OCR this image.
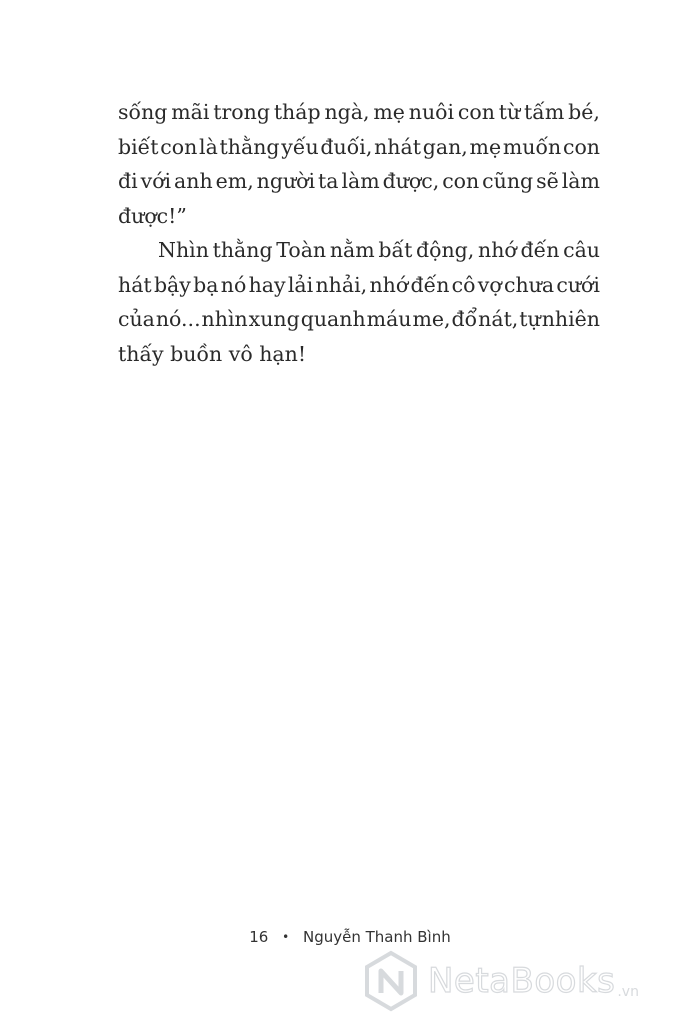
sống mãi trong tháp ngà, mẹ nuôi con từ tấm bé,
biết con là thằng yếu đuối, nhát gan, mẹ muốn con
đi với anh em, người ta làm được, con cũng sẽ làm
được!”
Nhìn thằng Toàn nằm bất động, nhớ đến câu
hát bậy bạ nó hay lải nhải, nhớ đến cô vợ chưa cưới
của nó... nhìn xung quanh máu me, đổ nát, tự nhiên
thấy
buồn
vô
hạn!
16 • Nguyễn Thanh Bình
NetaBooks .vn
